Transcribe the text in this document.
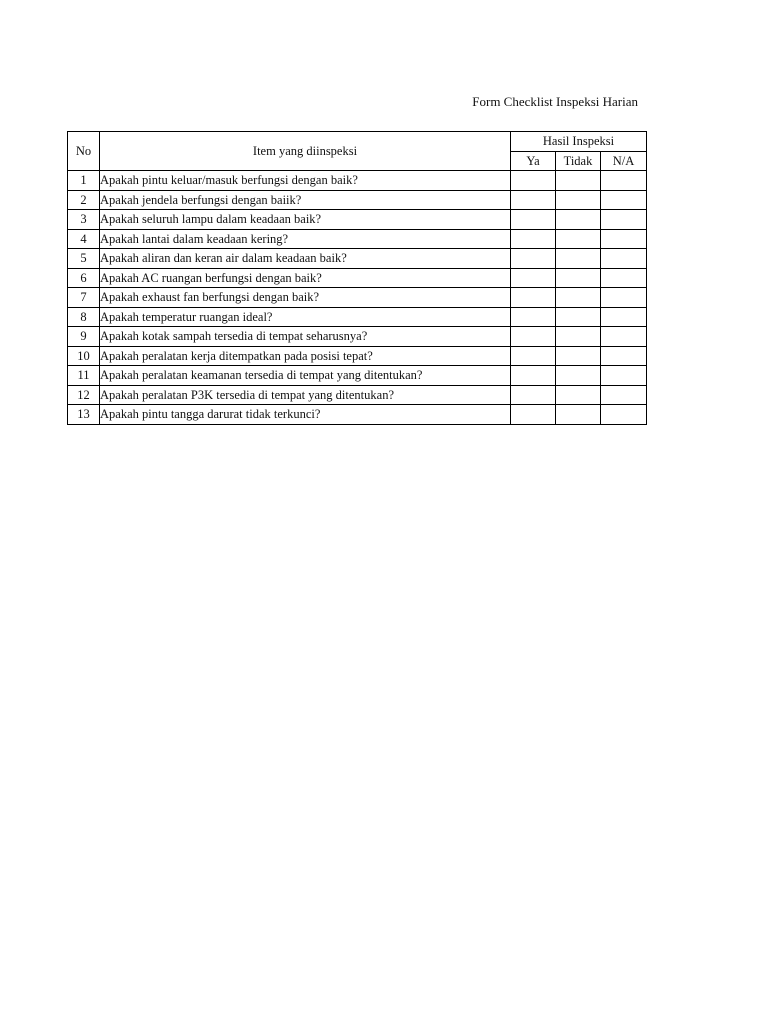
Form Checklist Inspeksi Harian
No	Item yang diinspeksi	Hasil Inspeksi		
		Ya	Tidak	N/A
1	Apakah pintu keluar/masuk berfungsi dengan baik?			
2	Apakah jendela berfungsi dengan baiik?			
3	Apakah seluruh lampu dalam keadaan baik?			
4	Apakah lantai dalam keadaan kering?			
5	Apakah aliran dan keran air dalam keadaan baik?			
6	Apakah AC ruangan berfungsi dengan baik?			
7	Apakah exhaust fan berfungsi dengan baik?			
8	Apakah temperatur ruangan ideal?			
9	Apakah kotak sampah tersedia di tempat seharusnya?			
10	Apakah peralatan kerja ditempatkan pada posisi tepat?			
11	Apakah peralatan keamanan tersedia di tempat yang ditentukan?			
12	Apakah peralatan P3K tersedia di tempat yang ditentukan?			
13	Apakah pintu tangga darurat tidak terkunci?			
